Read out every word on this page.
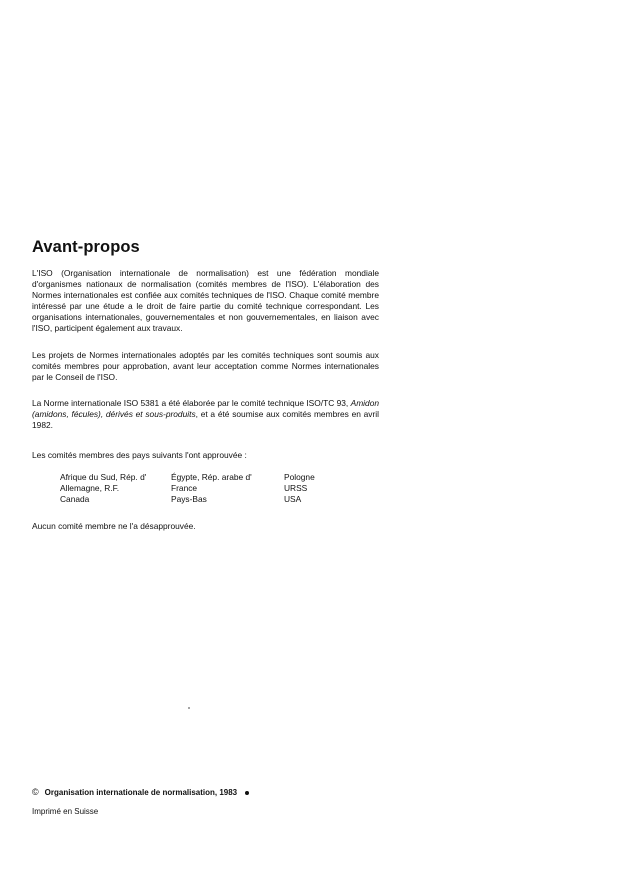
Avant-propos

L'ISO (Organisation internationale de normalisation) est une fédération mondiale d'organismes nationaux de normalisation (comités membres de l'ISO). L'élaboration des Normes internationales est confiée aux comités techniques de l'ISO. Chaque comité membre intéressé par une étude a le droit de faire partie du comité technique correspondant. Les organisations internationales, gouvernementales et non gouvernementales, en liaison avec l'ISO, participent également aux travaux.

Les projets de Normes internationales adoptés par les comités techniques sont soumis aux comités membres pour approbation, avant leur acceptation comme Normes internationales par le Conseil de l'ISO.

La Norme internationale ISO 5381 a été élaborée par le comité technique ISO/TC 93, Amidon (amidons, fécules), dérivés et sous-produits, et a été soumise aux comités membres en avril 1982.

Les comités membres des pays suivants l'ont approuvée :

Afrique du Sud, Rép. d'
Allemagne, R.F.
Canada
Égypte, Rép. arabe d'
France
Pays-Bas
Pologne
URSS
USA

Aucun comité membre ne l'a désapprouvée.

© Organisation internationale de normalisation, 1983
Imprimé en Suisse
